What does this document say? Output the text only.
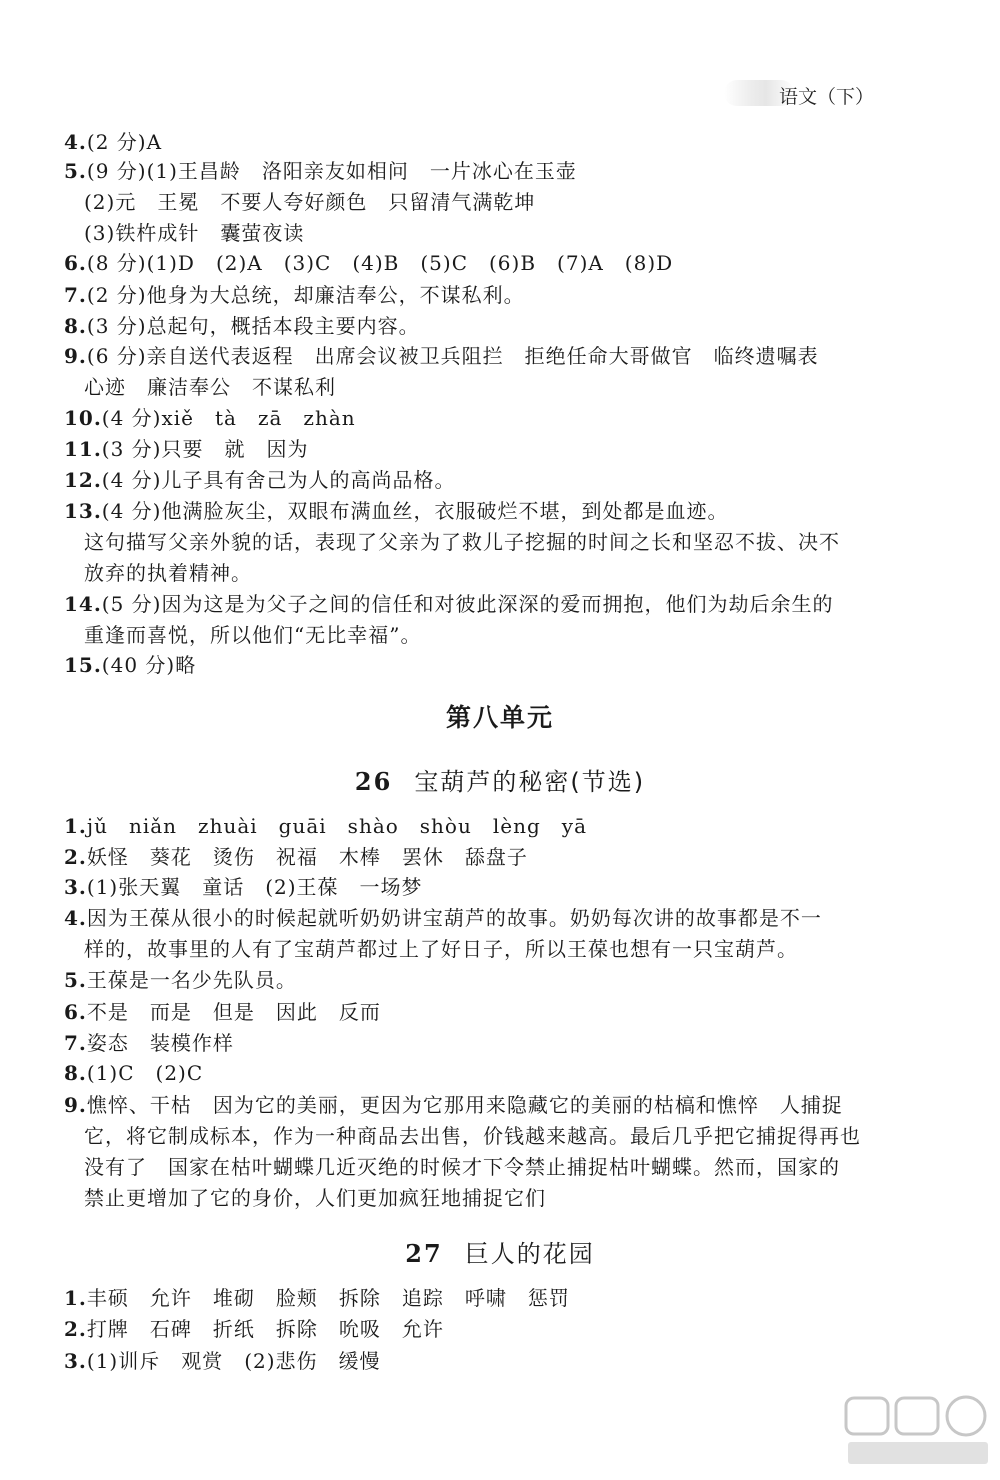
语文（下）
4.(2 分)A
5.(9 分)(1)王昌龄　洛阳亲友如相问　一片冰心在玉壶
(2)元　王冕　不要人夸好颜色　只留清气满乾坤
(3)铁杵成针　囊萤夜读
6.(8 分)(1)D　(2)A　(3)C　(4)B　(5)C　(6)B　(7)A　(8)D
7.(2 分)他身为大总统，却廉洁奉公，不谋私利。
8.(3 分)总起句，概括本段主要内容。
9.(6 分)亲自送代表返程　出席会议被卫兵阻拦　拒绝任命大哥做官　临终遗嘱表
心迹　廉洁奉公　不谋私利
10.(4 分)xiě　tà　zā　zhàn
11.(3 分)只要　就　因为
12.(4 分)儿子具有舍己为人的高尚品格。
13.(4 分)他满脸灰尘，双眼布满血丝，衣服破烂不堪，到处都是血迹。
这句描写父亲外貌的话，表现了父亲为了救儿子挖掘的时间之长和坚忍不拔、决不
放弃的执着精神。
14.(5 分)因为这是为父子之间的信任和对彼此深深的爱而拥抱，他们为劫后余生的
重逢而喜悦，所以他们“无比幸福”。
15.(40 分)略
第八单元
26 宝葫芦的秘密(节选)
1.jǔ　niǎn　zhuài　guāi　shào　shòu　lèng　yā
2.妖怪　葵花　烫伤　祝福　木棒　罢休　舔盘子
3.(1)张天翼　童话　(2)王葆　一场梦
4.因为王葆从很小的时候起就听奶奶讲宝葫芦的故事。奶奶每次讲的故事都是不一
样的，故事里的人有了宝葫芦都过上了好日子，所以王葆也想有一只宝葫芦。
5.王葆是一名少先队员。
6.不是　而是　但是　因此　反而
7.姿态　装模作样
8.(1)C　(2)C
9.憔悴、干枯　因为它的美丽，更因为它那用来隐藏它的美丽的枯槁和憔悴　人捕捉
它，将它制成标本，作为一种商品去出售，价钱越来越高。最后几乎把它捕捉得再也
没有了　国家在枯叶蝴蝶几近灭绝的时候才下令禁止捕捉枯叶蝴蝶。然而，国家的
禁止更增加了它的身价，人们更加疯狂地捕捉它们
27 巨人的花园
1.丰硕　允许　堆砌　脸颊　拆除　追踪　呼啸　惩罚
2.打牌　石碑　折纸　拆除　吮吸　允许
3.(1)训斥　观赏　(2)悲伤　缓慢
